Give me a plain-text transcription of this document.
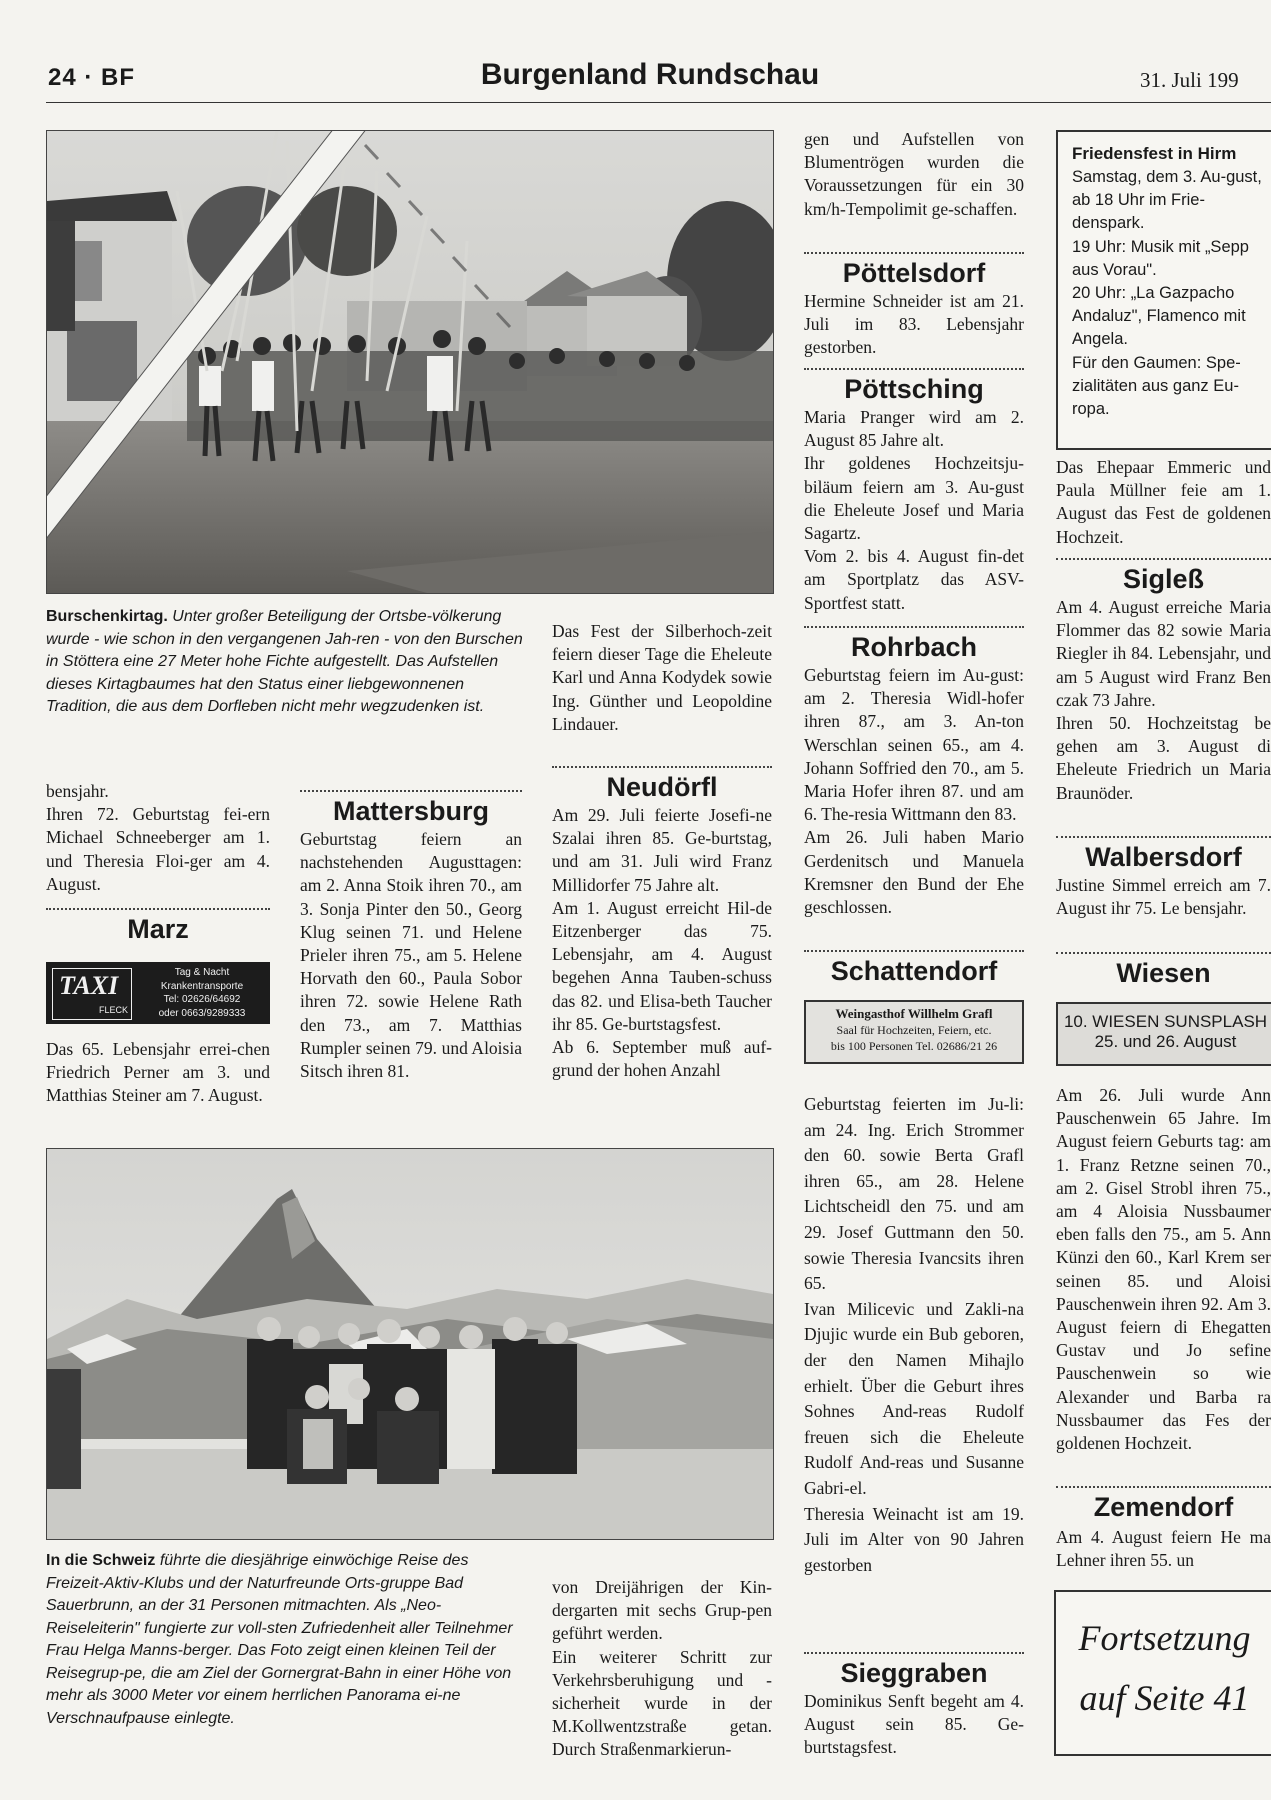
24 · BF	Burgenland Rundschau	31. Juli 199
Burschenkirtag. Unter großer Beteiligung der Ortsbe-völkerung wurde - wie schon in den vergangenen Jah-ren - von den Burschen in Stöttera eine 27 Meter hohe Fichte aufgestellt. Das Aufstellen dieses Kirtagbaumes hat den Status einer liebgewonnenen Tradition, die aus dem Dorfleben nicht mehr wegzudenken ist.
bensjahr.
Ihren 72. Geburtstag fei-ern Michael Schneeberger am 1. und Theresia Floi-ger am 4. August.
Marz
TAXI
FLECK
Tag & Nacht
Krankentransporte
Tel: 02626/64692
oder 0663/9289333
Das 65. Lebensjahr errei-chen Friedrich Perner am 3. und Matthias Steiner am 7. August.
Mattersburg
Geburtstag feiern an nachstehenden Augusttagen: am 2. Anna Stoik ihren 70., am 3. Sonja Pinter den 50., Georg Klug seinen 71. und Helene Prieler ihren 75., am 5. Helene Horvath den 60., Paula Sobor ihren 72. sowie Helene Rath den 73., am 7. Matthias Rumpler seinen 79. und Aloisia Sitsch ihren 81.
Das Fest der Silberhoch-zeit feiern dieser Tage die Eheleute Karl und Anna Kodydek sowie Ing. Günther und Leopoldine Lindauer.
Neudörfl

Am 29. Juli feierte Josefi-ne Szalai ihren 85. Ge-burtstag, und am 31. Juli wird Franz Millidorfer 75 Jahre alt.

Am 1. August erreicht Hil-de Eitzenberger das 75. Lebensjahr, am 4. August begehen Anna Tauben-schuss das 82. und Elisa-beth Taucher ihr 85. Ge-burtstagsfest.

Ab 6. September muß auf-grund der hohen Anzahl

In die Schweiz führte die diesjährige einwöchige Reise des Freizeit-Aktiv-Klubs und der Naturfreunde Orts-gruppe Bad Sauerbrunn, an der 31 Personen mitmachten. Als „Neo-Reiseleiterin" fungierte zur voll-sten Zufriedenheit aller Teilnehmer Frau Helga Manns-berger. Das Foto zeigt einen kleinen Teil der Reisegrup-pe, die am Ziel der Gornergrat-Bahn in einer Höhe von mehr als 3000 Meter vor einem herrlichen Panorama ei-ne Verschnaufpause einlegte.
von Dreijährigen der Kin-dergarten mit sechs Grup-pen geführt werden.
Ein weiterer Schritt zur Verkehrsberuhigung und -sicherheit wurde in der M.Kollwentzstraße getan. Durch Straßenmarkierun-
gen und Aufstellen von Blumentrögen wurden die Voraussetzungen für ein 30 km/h-Tempolimit ge-schaffen.
Pöttelsdorf
Hermine Schneider ist am 21. Juli im 83. Lebensjahr gestorben.
Pöttsching
Maria Pranger wird am 2. August 85 Jahre alt.
Ihr goldenes Hochzeitsju-biläum feiern am 3. Au-gust die Eheleute Josef und Maria Sagartz.
Vom 2. bis 4. August fin-det am Sportplatz das ASV-Sportfest statt.
Rohrbach
Geburtstag feiern im Au-gust: am 2. Theresia Widl-hofer ihren 87., am 3. An-ton Werschlan seinen 65., am 4. Johann Soffried den 70., am 5. Maria Hofer ihren 87. und am 6. The-resia Wittmann den 83.
Am 26. Juli haben Mario Gerdenitsch und Manuela Kremsner den Bund der Ehe geschlossen.
Schattendorf
Weingasthof Willhelm Grafl
Saal für Hochzeiten, Feiern, etc.
bis 100 Personen Tel. 02686/21 26
Geburtstag feierten im Ju-li: am 24. Ing. Erich Strommer den 60. sowie Berta Grafl ihren 65., am 28. Helene Lichtscheidl den 75. und am 29. Josef Guttmann den 50. sowie Theresia Ivancsits ihren 65.
Ivan Milicevic und Zakli-na Djujic wurde ein Bub geboren, der den Namen Mihajlo erhielt. Über die Geburt ihres Sohnes And-reas Rudolf freuen sich die Eheleute Rudolf And-reas und Susanne Gabri-el.
Theresia Weinacht ist am 19. Juli im Alter von 90 Jahren gestorben
Sieggraben
Dominikus Senft begeht am 4. August sein 85. Ge-burtstagsfest.
Friedensfest in Hirm
Samstag, dem 3. Au-gust, ab 18 Uhr im Frie-denspark.
19 Uhr: Musik mit „Sepp aus Vorau".
20 Uhr: „La Gazpacho Andaluz", Flamenco mit Angela.
Für den Gaumen: Spe-zialitäten aus ganz Eu-ropa.
Das Ehepaar Emmeric und Paula Müllner feie am 1. August das Fest de goldenen Hochzeit.
Sigleß
Am 4. August erreiche Maria Flommer das 82 sowie Maria Riegler ih 84. Lebensjahr, und am 5 August wird Franz Ben czak 73 Jahre.
Ihren 50. Hochzeitstag be gehen am 3. August di Eheleute Friedrich un Maria Braunöder.
Walbersdorf
Justine Simmel erreich am 7. August ihr 75. Le bensjahr.
Wiesen
10. WIESEN SUNSPLASH
25. und 26. August
Am 26. Juli wurde Ann Pauschenwein 65 Jahre. Im August feiern Geburts tag: am 1. Franz Retzne seinen 70., am 2. Gisel Strobl ihren 75., am 4 Aloisia Nussbaumer eben falls den 75., am 5. Ann Künzi den 60., Karl Krem ser seinen 85. und Aloisi Pauschenwein ihren 92. Am 3. August feiern di Ehegatten Gustav und Jo sefine Pauschenwein so wie Alexander und Barba ra Nussbaumer das Fes der goldenen Hochzeit.
Zemendorf
Am 4. August feiern He ma Lehner ihren 55. un
Fortsetzung
auf Seite 41
